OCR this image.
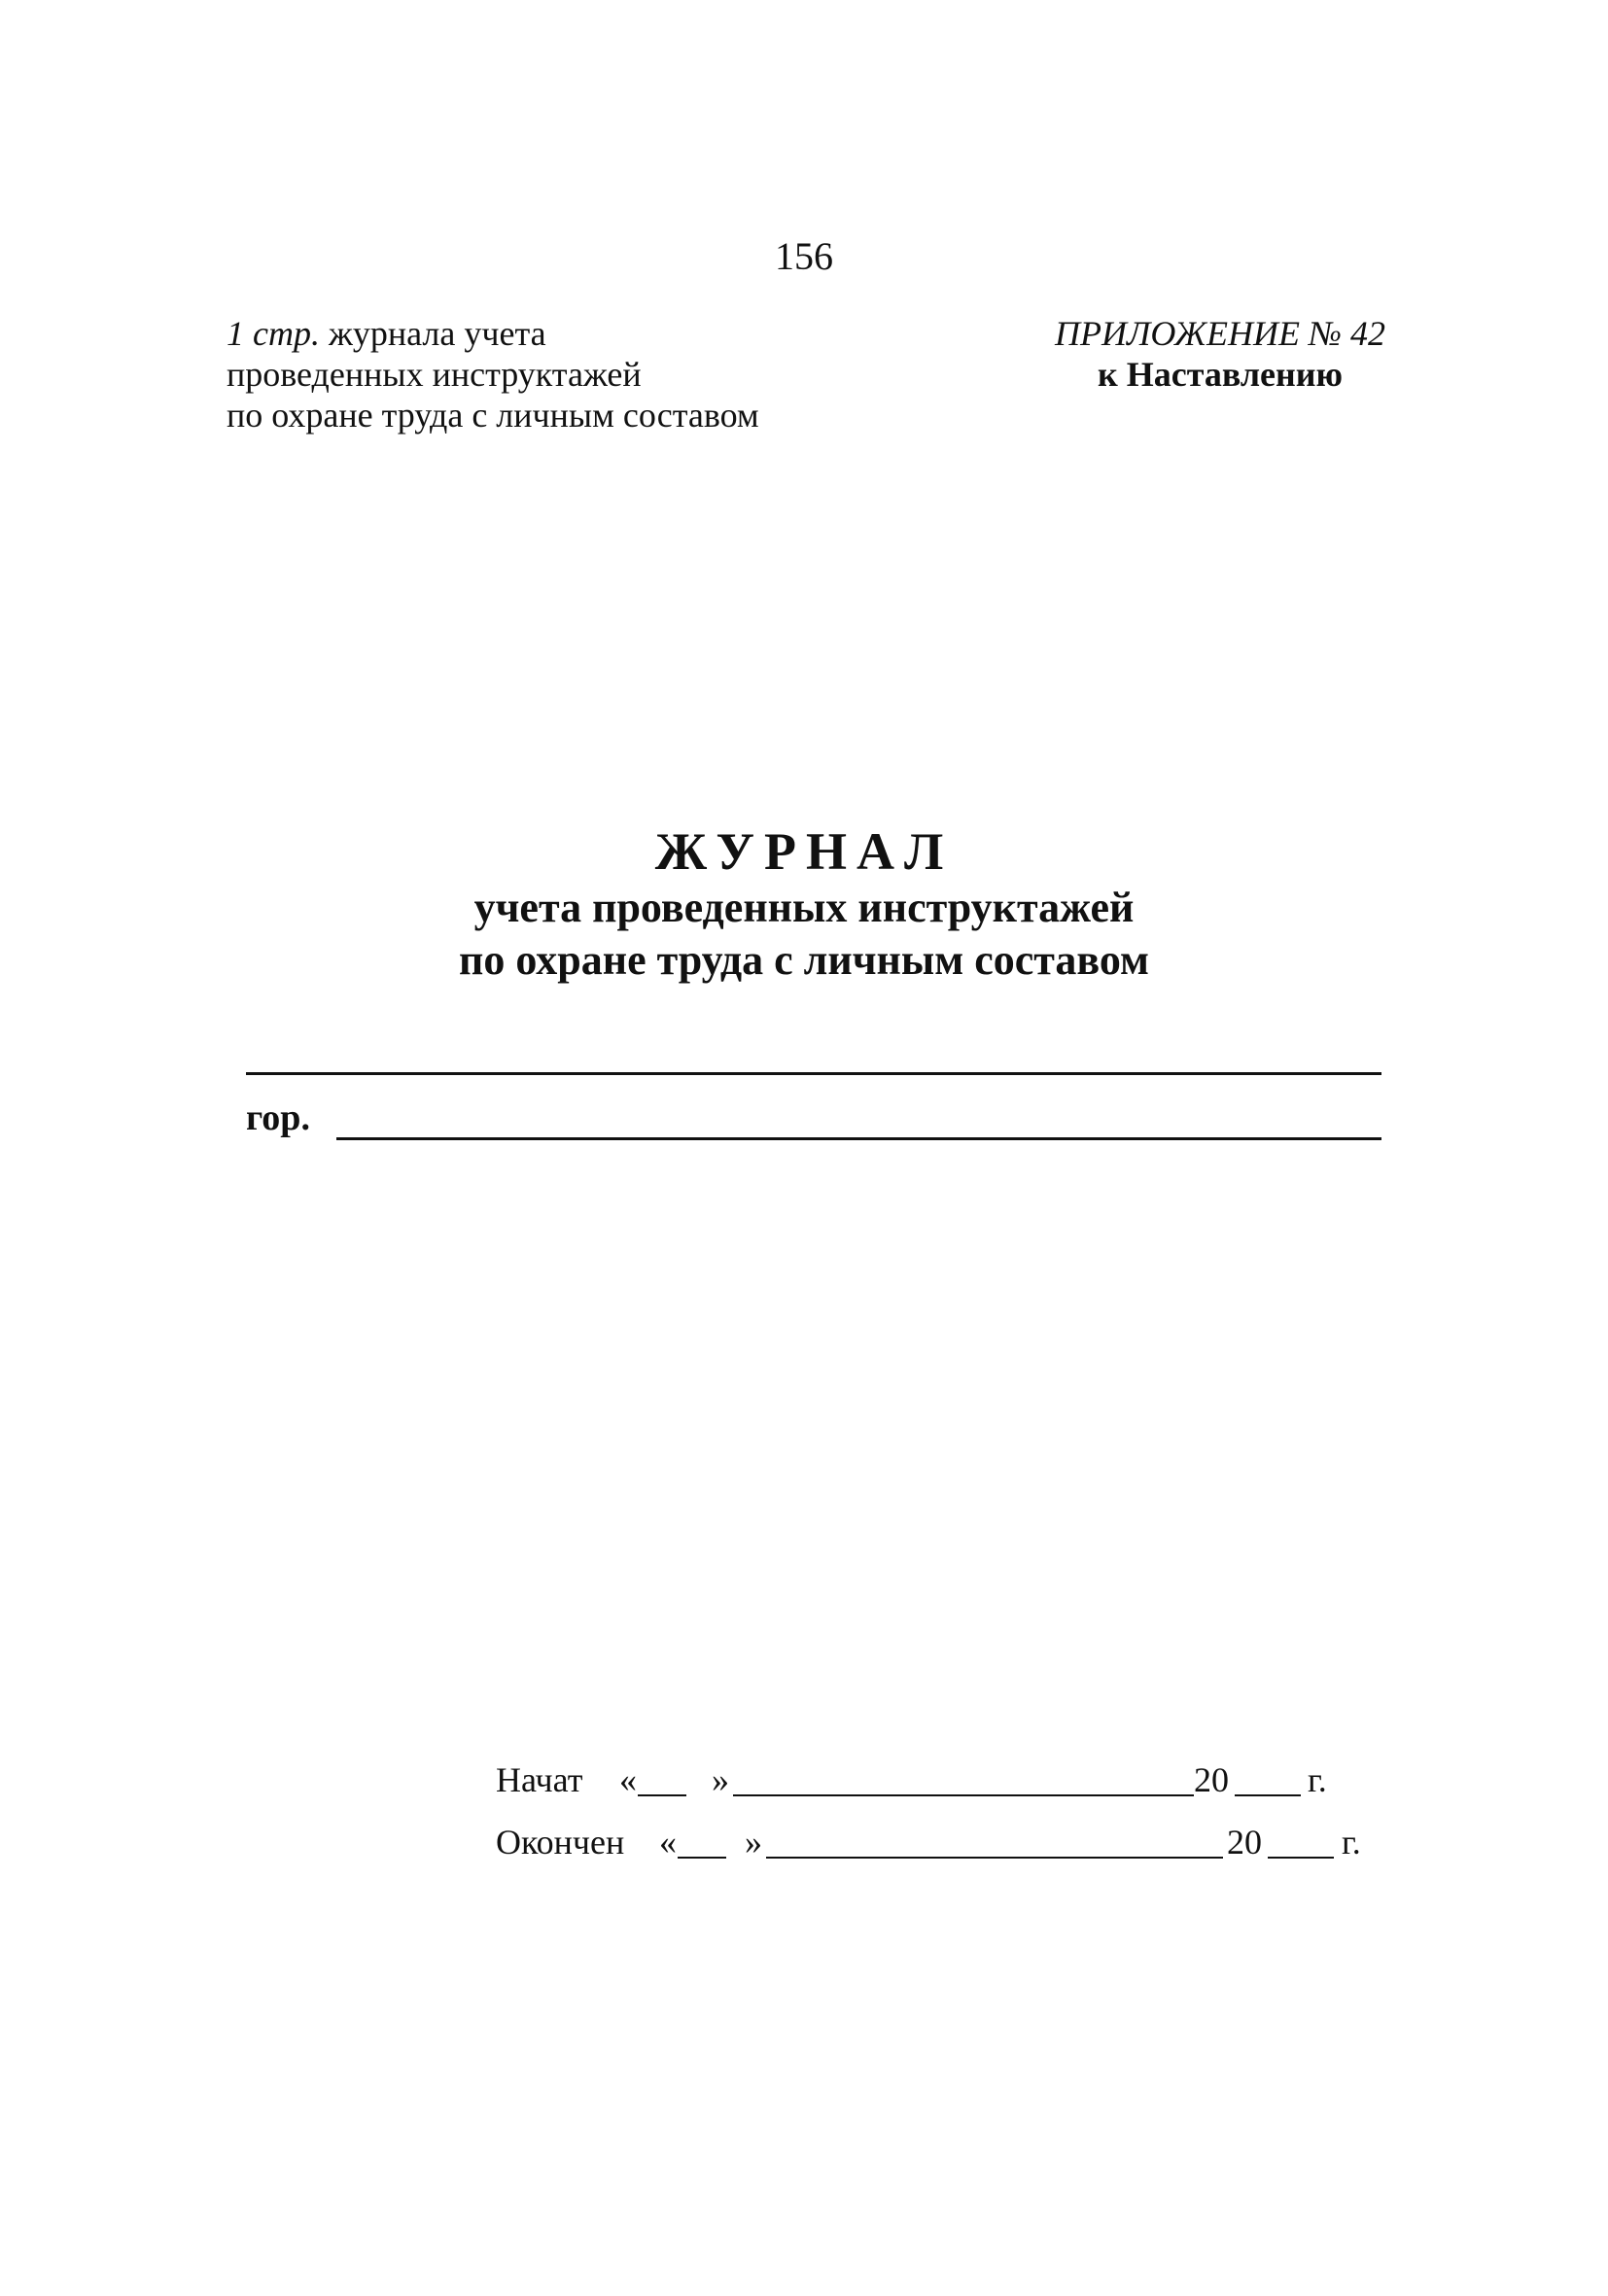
156
1 стр. журнала учета
проведенных инструктажей
по охране труда с личным составом
ПРИЛОЖЕНИЕ № 42
к Наставлению
ЖУРНАЛ
учета проведенных инструктажей
по охране труда с личным составом
гор.
Начат « »	20 г.
Окончен « »	20 г.
